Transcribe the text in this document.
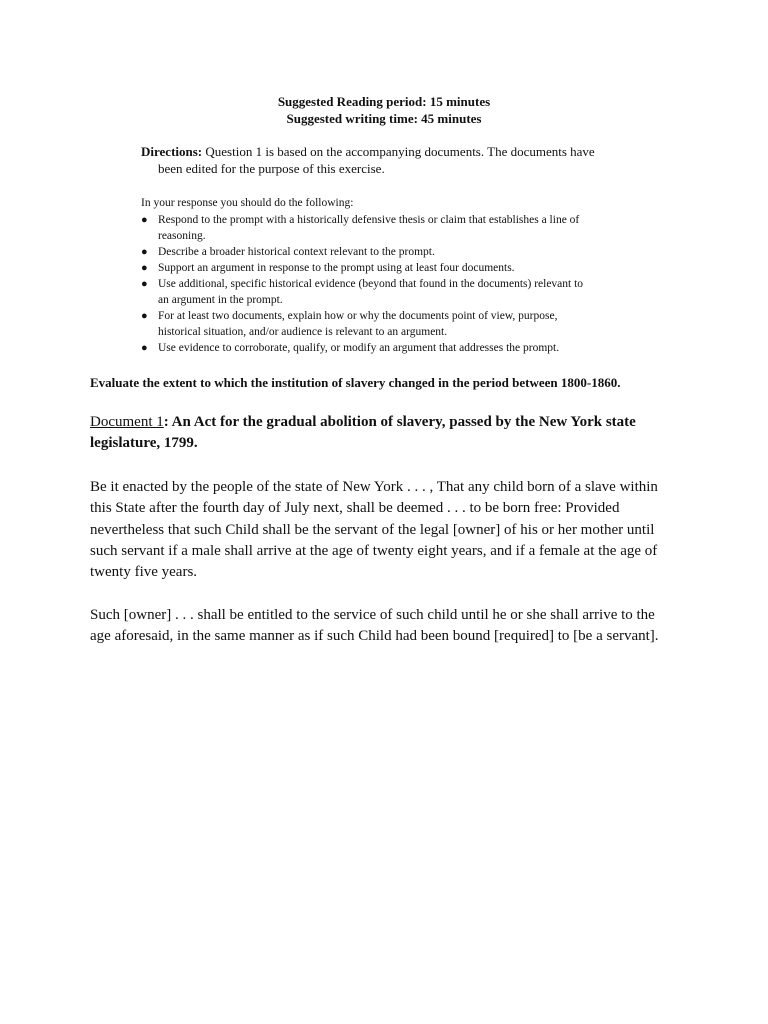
Suggested Reading period: 15 minutes
Suggested writing time: 45 minutes
Directions: Question 1 is based on the accompanying documents. The documents have
been edited for the purpose of this exercise.
In your response you should do the following:
● Respond to the prompt with a historically defensive thesis or claim that establishes a line of
reasoning.
● Describe a broader historical context relevant to the prompt.
● Support an argument in response to the prompt using at least four documents.
● Use additional, specific historical evidence (beyond that found in the documents) relevant to
an argument in the prompt.
● For at least two documents, explain how or why the documents point of view, purpose,
historical situation, and/or audience is relevant to an argument.
● Use evidence to corroborate, qualify, or modify an argument that addresses the prompt.
Evaluate the extent to which the institution of slavery changed in the period between 1800-1860.
Document 1: An Act for the gradual abolition of slavery, passed by the New York state
legislature, 1799.
Be it enacted by the people of the state of New York . . . , That any child born of a slave within
this State after the fourth day of July next, shall be deemed . . . to be born free: Provided
nevertheless that such Child shall be the servant of the legal [owner] of his or her mother until
such servant if a male shall arrive at the age of twenty eight years, and if a female at the age of
twenty five years.
Such [owner] . . . shall be entitled to the service of such child until he or she shall arrive to the
age aforesaid, in the same manner as if such Child had been bound [required] to [be a servant].
